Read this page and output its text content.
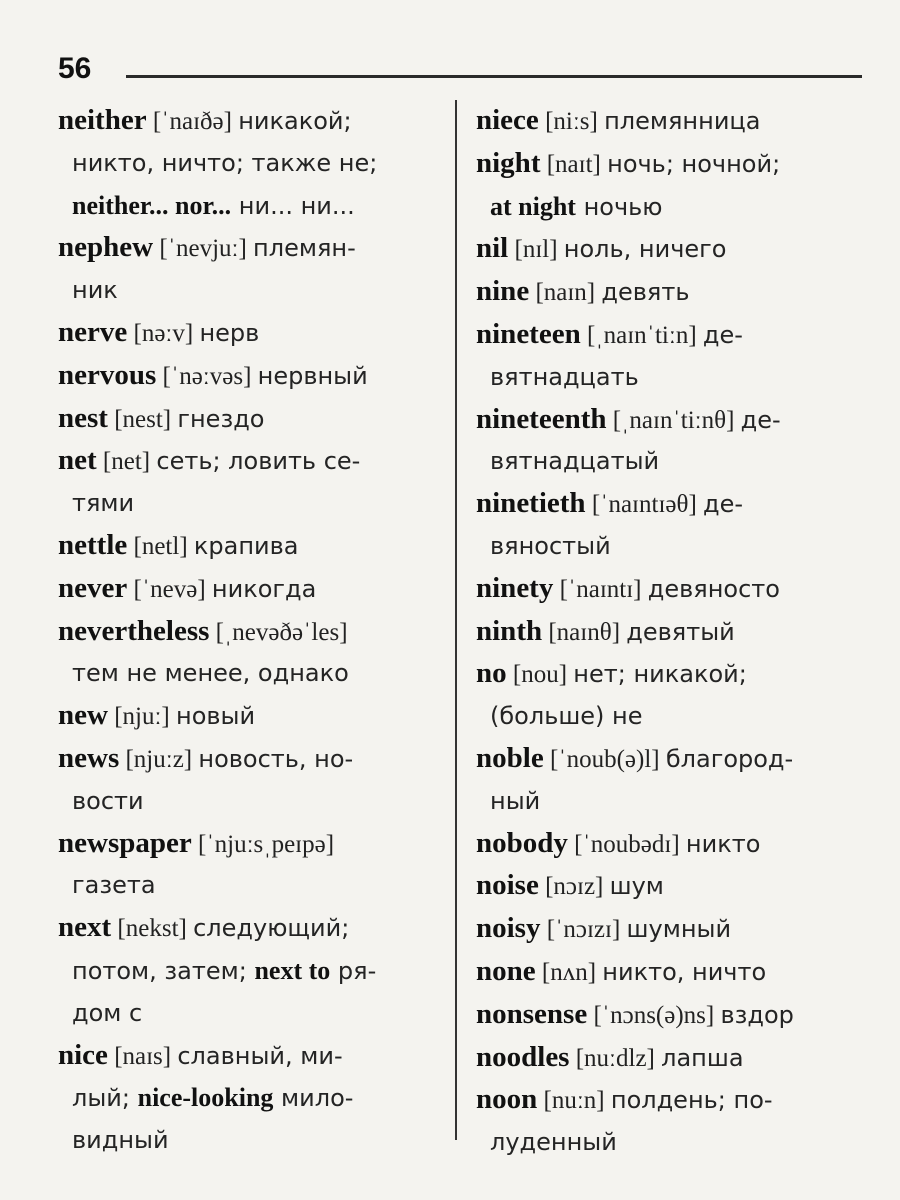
56
neither [ˈnaɪðə] никакой;
никто, ничто; также не;
neither... nor... ни... ни...
nephew [ˈnevjuː] племян-
ник
nerve [nəːv] нерв
nervous [ˈnəːvəs] нервный
nest [nest] гнездо
net [net] сеть; ловить се-
тями
nettle [netl] крапива
never [ˈnevə] никогда
nevertheless [ˌnevəðəˈles]
тем не менее, однако
new [njuː] новый
news [njuːz] новость, но-
вости
newspaper [ˈnjuːsˌpeɪpə]
газета
next [nekst] следующий;
потом, затем; next to ря-
дом с
nice [naɪs] славный, ми-
лый; nice-looking мило-
видный
niece [niːs] племянница
night [naɪt] ночь; ночной;
at night ночью
nil [nɪl] ноль, ничего
nine [naɪn] девять
nineteen [ˌnaɪnˈtiːn] де-
вятнадцать
nineteenth [ˌnaɪnˈtiːnθ] де-
вятнадцатый
ninetieth [ˈnaɪntɪəθ] де-
вяностый
ninety [ˈnaɪntɪ] девяносто
ninth [naɪnθ] девятый
no [nou] нет; никакой;
(больше) не
noble [ˈnoub(ə)l] благород-
ный
nobody [ˈnoubədɪ] никто
noise [nɔɪz] шум
noisy [ˈnɔɪzɪ] шумный
none [nʌn] никто, ничто
nonsense [ˈnɔns(ə)ns] вздор
noodles [nuːdlz] лапша
noon [nuːn] полдень; по-
луденный
